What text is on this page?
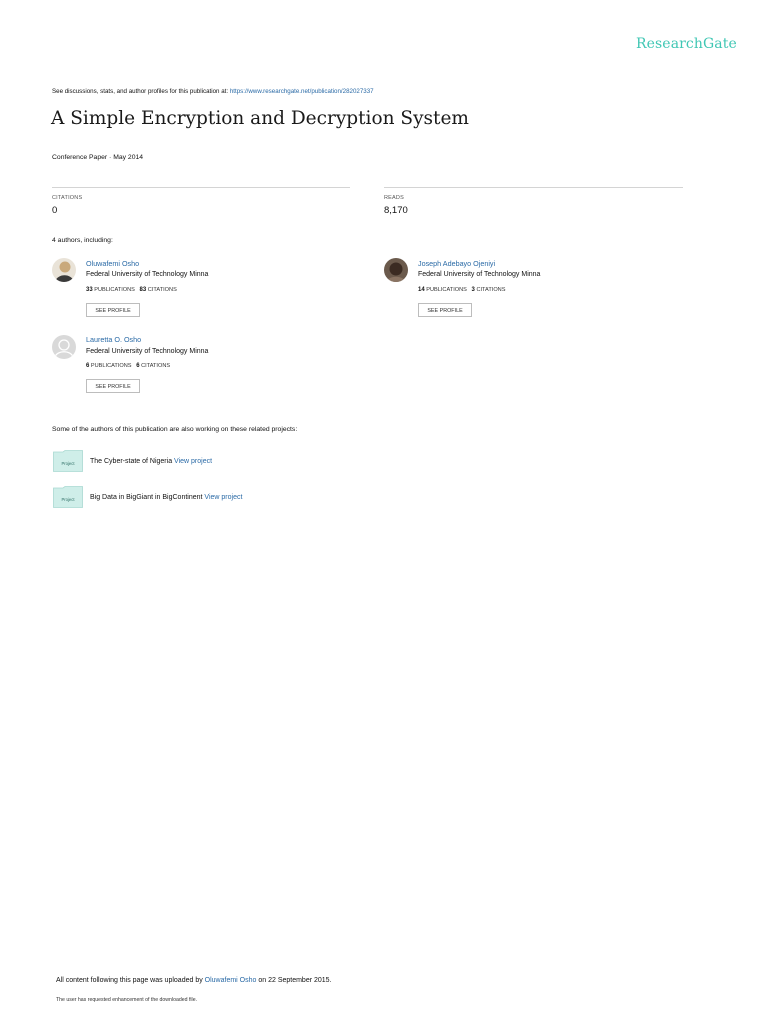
ResearchGate
See discussions, stats, and author profiles for this publication at: https://www.researchgate.net/publication/282027337
A Simple Encryption and Decryption System
Conference Paper · May 2014
CITATIONS
0
READS
8,170
4 authors, including:
Oluwafemi Osho
Federal University of Technology Minna
33 PUBLICATIONS 83 CITATIONS
SEE PROFILE
Joseph Adebayo Ojeniyi
Federal University of Technology Minna
14 PUBLICATIONS 3 CITATIONS
SEE PROFILE
Lauretta O. Osho
Federal University of Technology Minna
6 PUBLICATIONS 6 CITATIONS
SEE PROFILE
Some of the authors of this publication are also working on these related projects:
Project The Cyber-state of Nigeria View project
Project Big Data in BigGiant in BigContinent View project
All content following this page was uploaded by Oluwafemi Osho on 22 September 2015.
The user has requested enhancement of the downloaded file.
